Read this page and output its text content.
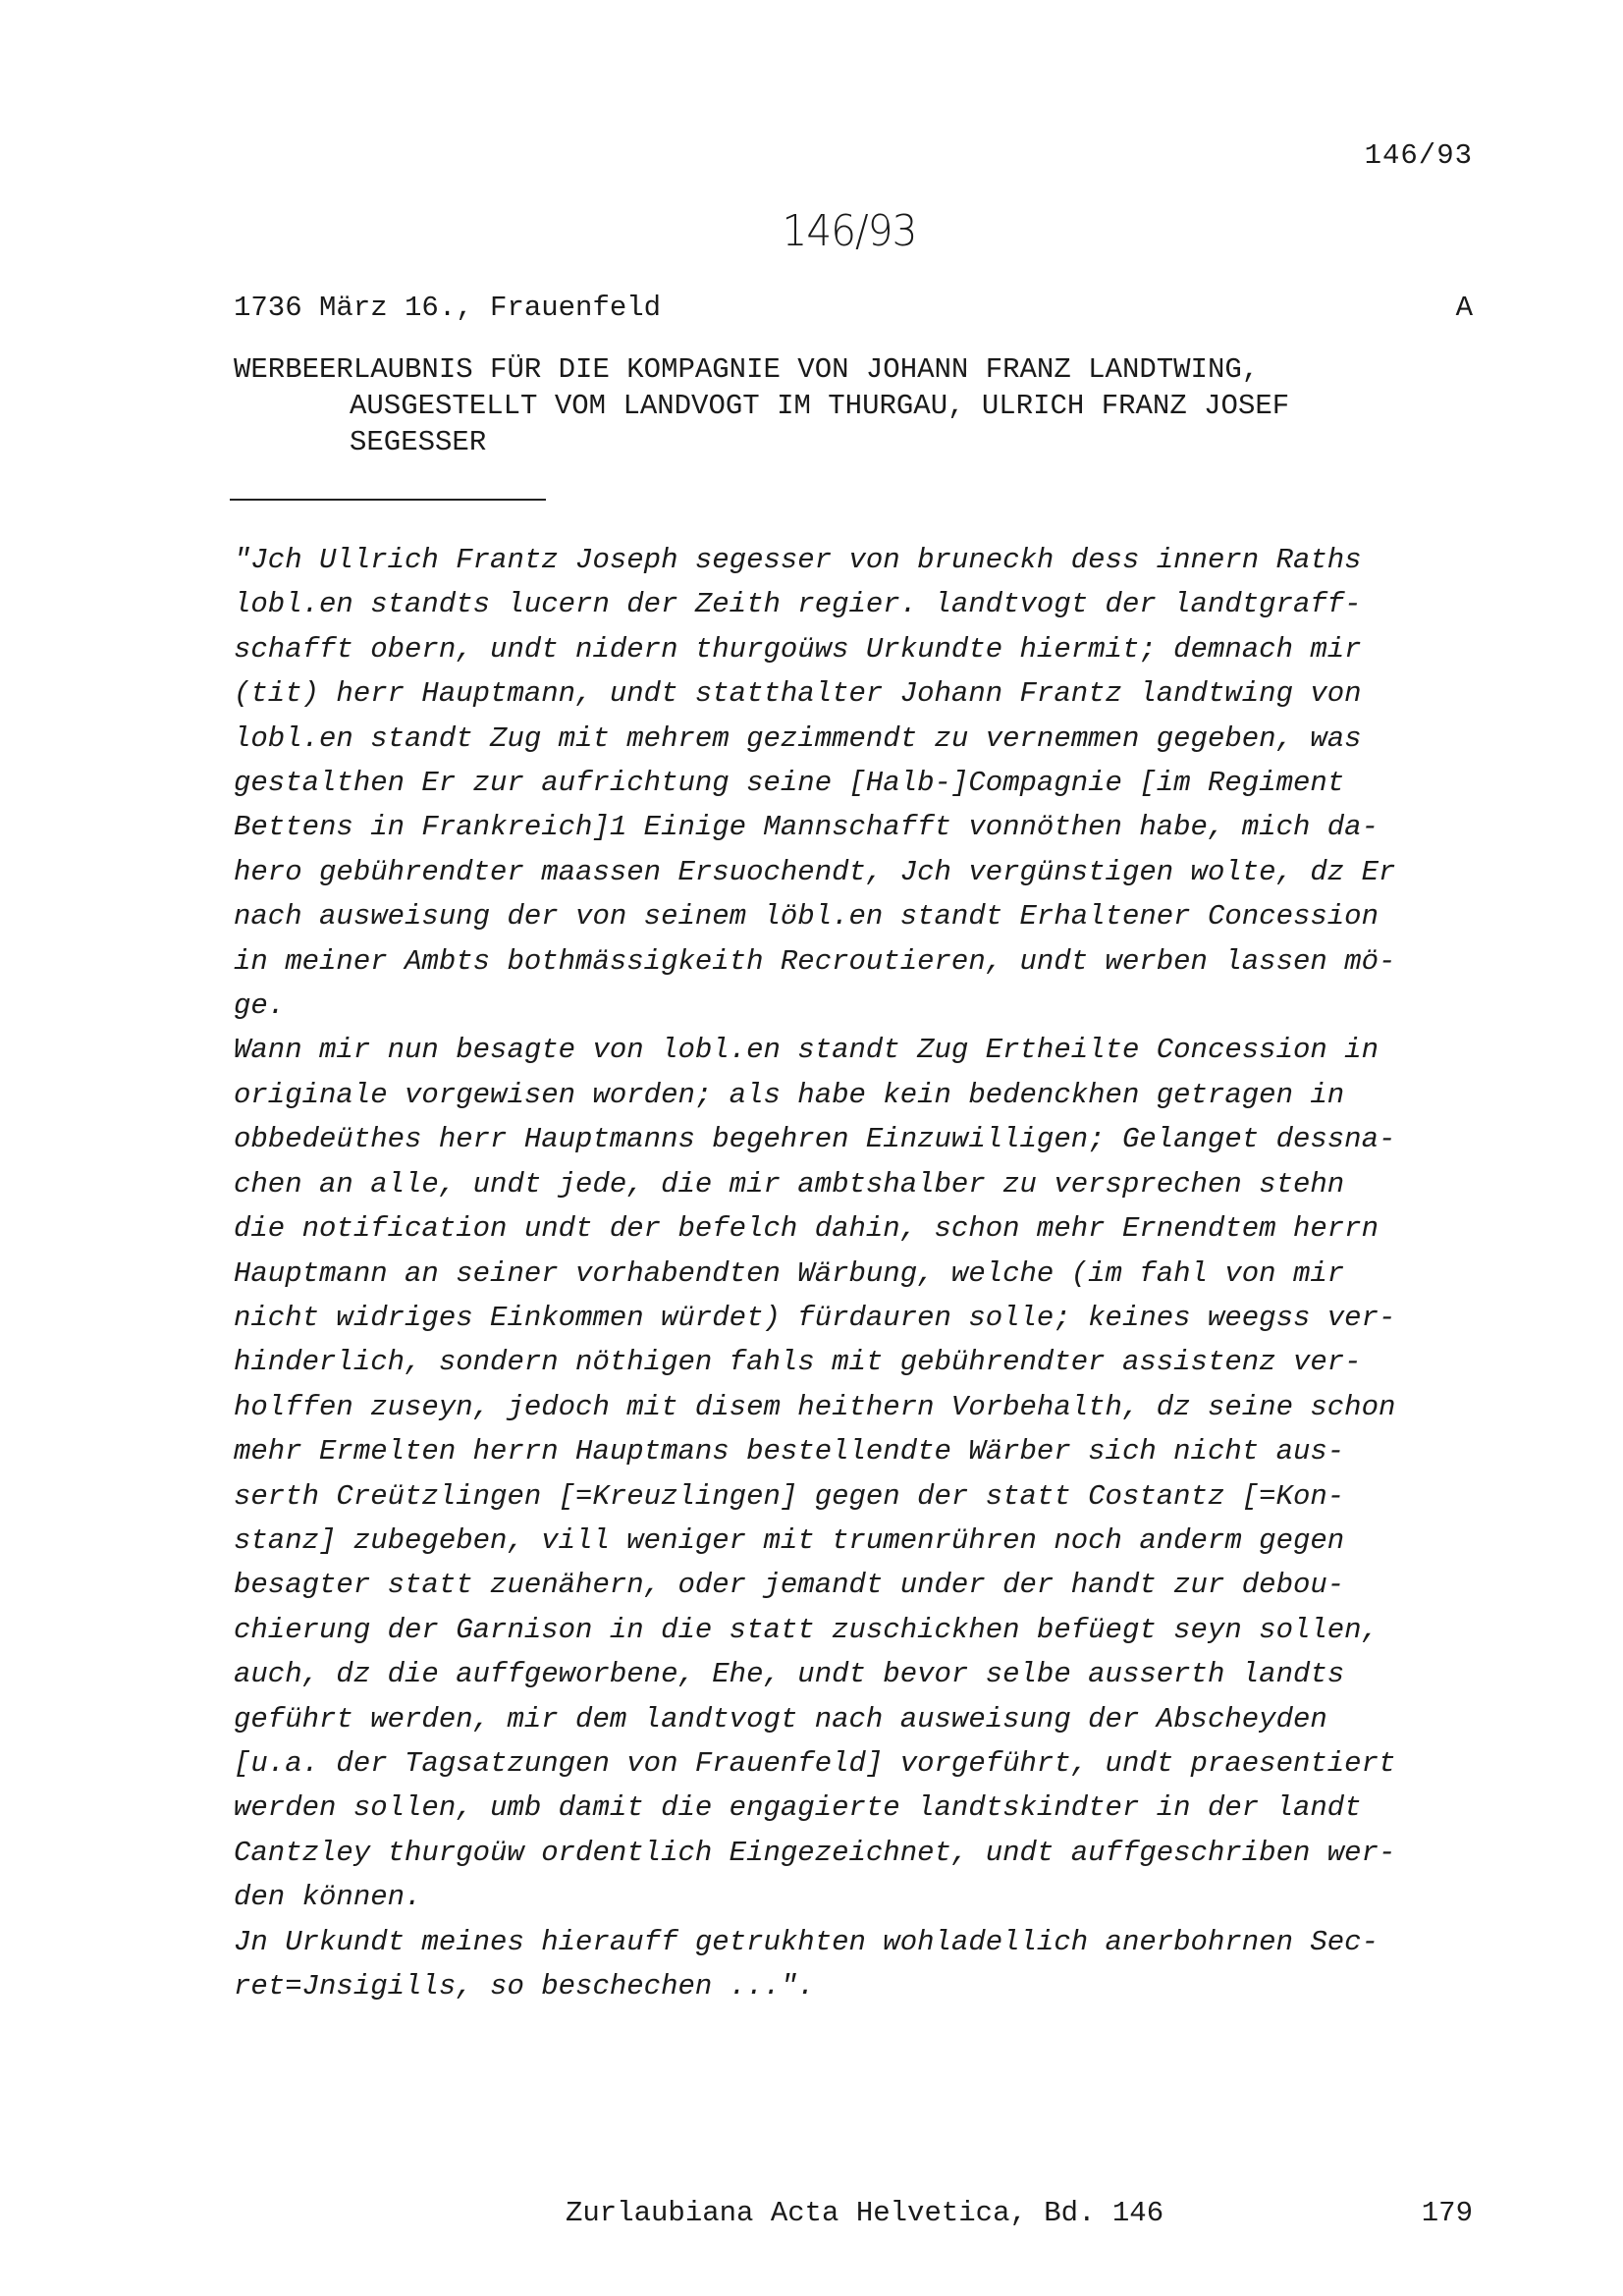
146/93
146/93
1736 März 16., Frauenfeld	A
WERBEERLAUBNIS FÜR DIE KOMPAGNIE VON JOHANN FRANZ LANDTWING,
AUSGESTELLT VOM LANDVOGT IM THURGAU, ULRICH FRANZ JOSEF
SEGESSER
"Jch Ullrich Frantz Joseph segesser von bruneckh dess innern Raths
lobl.en standts lucern der Zeith regier. landtvogt der landtgraff-
schafft obern, undt nidern thurgoüws Urkundte hiermit; demnach mir
(tit) herr Hauptmann, undt statthalter Johann Frantz landtwing von
lobl.en standt Zug mit mehrem gezimmendt zu vernemmen gegeben, was
gestalthen Er zur aufrichtung seine [Halb-]Compagnie [im Regiment
Bettens in Frankreich]1 Einige Mannschafft vonnöthen habe, mich da-
hero gebührendter maassen Ersuochendt, Jch vergünstigen wolte, dz Er
nach ausweisung der von seinem löbl.en standt Erhaltener Concession
in meiner Ambts bothmässigkeith Recroutieren, undt werben lassen mö-
ge.
Wann mir nun besagte von lobl.en standt Zug Ertheilte Concession in
originale vorgewisen worden; als habe kein bedenckhen getragen in
obbedeüthes herr Hauptmanns begehren Einzuwilligen; Gelanget dessna-
chen an alle, undt jede, die mir ambtshalber zu versprechen stehn
die notification undt der befelch dahin, schon mehr Ernendtem herrn
Hauptmann an seiner vorhabendten Wärbung, welche (im fahl von mir
nicht widriges Einkommen würdet) fürdauren solle; keines weegss ver-
hinderlich, sondern nöthigen fahls mit gebührendter assistenz ver-
holffen zuseyn, jedoch mit disem heithern Vorbehalth, dz seine schon
mehr Ermelten herrn Hauptmans bestellendte Wärber sich nicht aus-
serth Creützlingen [=Kreuzlingen] gegen der statt Costantz [=Kon-
stanz] zubegeben, vill weniger mit trumenrühren noch anderm gegen
besagter statt zuenähern, oder jemandt under der handt zur debou-
chierung der Garnison in die statt zuschickhen befüegt seyn sollen,
auch, dz die auffgeworbene, Ehe, undt bevor selbe ausserth landts
geführt werden, mir dem landtvogt nach ausweisung der Abscheyden
[u.a. der Tagsatzungen von Frauenfeld] vorgeführt, undt praesentiert
werden sollen, umb damit die engagierte landtskindter in der landt
Cantzley thurgoüw ordentlich Eingezeichnet, undt auffgeschriben wer-
den können.
Jn Urkundt meines hierauff getrukhten wohladellich anerbohrnen Sec-
ret=Jnsigills, so beschechen ...".
Zurlaubiana Acta Helvetica, Bd. 146	179
